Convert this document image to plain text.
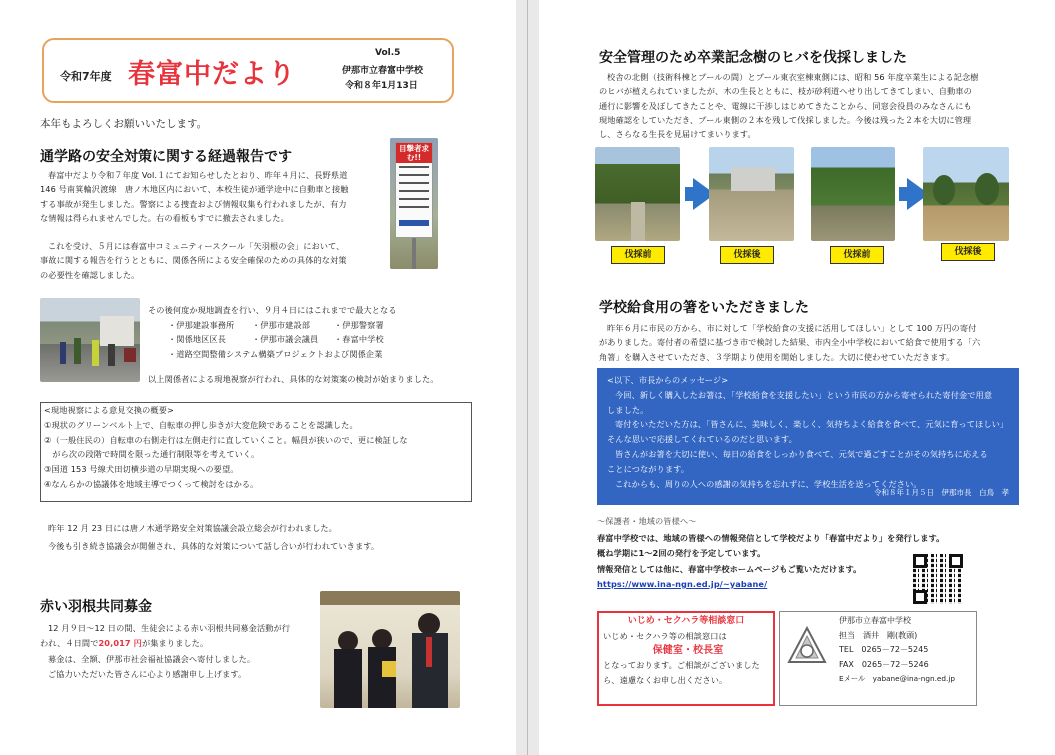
令和7年度 春富中だより
Vol.5
伊那市立春富中学校
令和８年1月13日
本年もよろしくお願いいたします。
通学路の安全対策に関する経過報告です
春富中だより令和７年度 Vol.１にてお知らせしたとおり、昨年４月に、長野県道
146 号南箕輪沢渡線　唐ノ木地区内において、本校生徒が通学途中に自動車と接触
する事故が発生しました。警察による捜査および情報収集も行われましたが、有力
な情報は得られませんでした。右の看板もすでに撤去されました。
これを受け、５月には春富中コミュニティースクール「矢羽根の会」において、
事故に関する報告を行うとともに、関係各所による安全確保のための具体的な対策
の必要性を確認しました。
目撃者求む!!
その後何度か現地調査を行い、９月４日にはこれまでで最大となる
・伊那建設事務所	・伊那市建設部	・伊那警察署
・関係地区区長	・伊那市議会議員	・春富中学校
・道路空間整備システム構築プロジェクトおよび関係企業
以上関係者による現地視察が行われ、具体的な対策案の検討が始まりました。
<現地視察による意見交換の概要>
①現状のグリーンベルト上で、自転車の押し歩きが大変危険であることを認識した。
②（一般住民の）自転車の右側走行は左側走行に直していくこと。幅員が狭いので、更に検証しな
　がら次の段階で時間を限った通行制限等を考えていく。
③国道 153 号線犬田切横歩道の早期実現への要望。
④なんらかの協議体を地域主導でつくって検討をはかる。
昨年 12 月 23 日には唐ノ木通学路安全対策協議会設立総会が行われました。
今後も引き続き協議会が開催され、具体的な対策について話し合いが行われていきます。
赤い羽根共同募金
12 月９日～12 日の間、生徒会による赤い羽根共同募金活動が行
われ、４日間で20,017 円が集まりました。
募金は、全額、伊那市社会福祉協議会へ寄付しました。
ご協力いただいた皆さんに心より感謝申し上げます。
安全管理のため卒業記念樹のヒバを伐採しました
校舎の北側（技術科棟とプールの間）とプール東衣室棟東側には、昭和 56 年度卒業生による記念樹
のヒバが植えられていましたが、木の生長とともに、枝が砂利道へせり出してきてしまい、自動車の
通行に影響を及ぼしてきたことや、電線に干渉しはじめてきたことから、同窓会役員のみなさんにも
現地確認をしていただき、プール東側の２本を残して伐採しました。今後は残った２本を大切に管理
し、さらなる生長を見届けてまいります。
伐採前	伐採後	伐採前	伐採後
学校給食用の箸をいただきました
昨年６月に市民の方から、市に対して「学校給食の支援に活用してほしい」として 100 万円の寄付
がありました。寄付者の希望に基づき市で検討した結果、市内全小中学校において給食で使用する「六
角箸」を購入させていただき、３学期より使用を開始しました。大切に使わせていただきます。
<以下、市長からのメッセージ>
今回、新しく購入したお箸は、「学校給食を支援したい」という市民の方から寄せられた寄付金で用意
しました。
寄付をいただいた方は、「皆さんに、美味しく、楽しく、気持ちよく給食を食べて、元気に育ってほしい」
そんな思いで応援してくれているのだと思います。
皆さんがお箸を大切に使い、毎日の給食をしっかり食べて、元気で過ごすことがその気持ちに応える
ことにつながります。
これからも、周りの人への感謝の気持ちを忘れずに、学校生活を送ってください。
令和８年１月５日　伊那市長　白鳥　孝
～保護者・地域の皆様へ～
春富中学校では、地域の皆様への情報発信として学校だより「春富中だより」を発行します。
概ね学期に1～2回の発行を予定しています。
情報発信としては他に、春富中学校ホームページもご覧いただけます。
https://www.ina-ngn.ed.jp/~yabane/
いじめ・セクハラ等相談窓口
いじめ・セクハラ等の相談窓口は
保健室・校長室
となっております。ご相談がございました
ら、遠慮なくお申し出ください。
伊那市立春富中学校
担当　酒井　剛(教頭)
TEL　0265－72－5245
FAX　0265－72－5246
Eメール　yabane@ina-ngn.ed.jp
